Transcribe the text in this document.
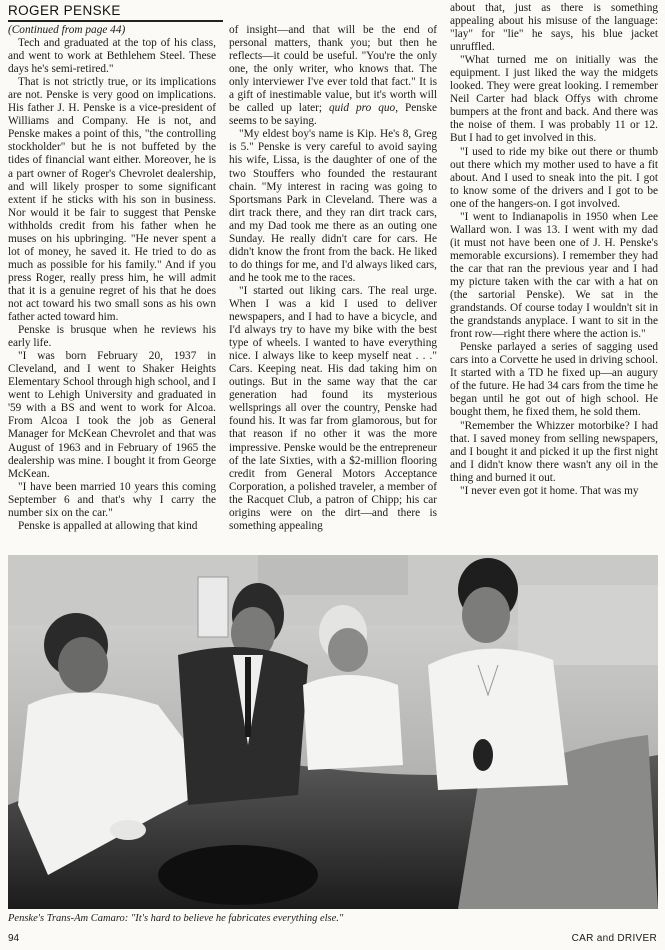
ROGER PENSKE

(Continued from page 44)

Tech and graduated at the top of his class, and went to work at Bethlehem Steel. These days he's semi-retired."

That is not strictly true, or its implications are not. Penske is very good on implications. His father J. H. Penske is a vice-president of Williams and Company. He is not, and Penske makes a point of this, "the controlling stockholder" but he is not buffeted by the tides of financial want either. Moreover, he is a part owner of Roger's Chevrolet dealership, and will likely prosper to some significant extent if he sticks with his son in business. Nor would it be fair to suggest that Penske withholds credit from his father when he muses on his upbringing. "He never spent a lot of money, he saved it. He tried to do as much as possible for his family." And if you press Roger, really press him, he will admit that it is a genuine regret of his that he does not act toward his two small sons as his own father acted toward him.

Penske is brusque when he reviews his early life.

"I was born February 20, 1937 in Cleveland, and I went to Shaker Heights Elementary School through high school, and I went to Lehigh University and graduated in '59 with a BS and went to work for Alcoa. From Alcoa I took the job as General Manager for McKean Chevrolet and that was August of 1963 and in February of 1965 the dealership was mine. I bought it from George McKean.

"I have been married 10 years this coming September 6 and that's why I carry the number six on the car."

Penske is appalled at allowing that kind

of insight—and that will be the end of personal matters, thank you; but then he reflects—it could be useful. "You're the only one, the only writer, who knows that. The only interviewer I've ever told that fact." It is a gift of inestimable value, but it's worth will be called up later; quid pro quo, Penske seems to be saying.

"My eldest boy's name is Kip. He's 8, Greg is 5." Penske is very careful to avoid saying his wife, Lissa, is the daughter of one of the two Stouffers who founded the restaurant chain. "My interest in racing was going to Sportsmans Park in Cleveland. There was a dirt track there, and they ran dirt track cars, and my Dad took me there as an outing one Sunday. He really didn't care for cars. He didn't know the front from the back. He liked to do things for me, and I'd always liked cars, and he took me to the races.

"I started out liking cars. The real urge. When I was a kid I used to deliver newspapers, and I had to have a bicycle, and I'd always try to have my bike with the best type of wheels. I wanted to have everything nice. I always like to keep myself neat . . ." Cars. Keeping neat. His dad taking him on outings. But in the same way that the car generation had found its mysterious wellsprings all over the country, Penske had found his. It was far from glamorous, but for that reason if no other it was the more impressive. Penske would be the entrepreneur of the late Sixties, with a $2-million flooring credit from General Motors Acceptance Corporation, a polished traveler, a member of the Racquet Club, a patron of Chipp; his car origins were on the dirt—and there is something appealing

about that, just as there is something appealing about his misuse of the language: "lay" for "lie" he says, his blue jacket unruffled.

"What turned me on initially was the equipment. I just liked the way the midgets looked. They were great looking. I remember Neil Carter had black Offys with chrome bumpers at the front and back. And there was the noise of them. I was probably 11 or 12. But I had to get involved in this.

"I used to ride my bike out there or thumb out there which my mother used to have a fit about. And I used to sneak into the pit. I got to know some of the drivers and I got to be one of the hangers-on. I got involved.

"I went to Indianapolis in 1950 when Lee Wallard won. I was 13. I went with my dad (it must not have been one of J. H. Penske's memorable excursions). I remember they had the car that ran the previous year and I had my picture taken with the car with a hat on (the sartorial Penske). We sat in the grandstands. Of course today I wouldn't sit in the grandstands anyplace. I want to sit in the front row—right there where the action is."

Penske parlayed a series of sagging used cars into a Corvette he used in driving school. It started with a TD he fixed up—an augury of the future. He had 34 cars from the time he began until he got out of high school. He bought them, he fixed them, he sold them.

"Remember the Whizzer motorbike? I had that. I saved money from selling newspapers, and I bought it and picked it up the first night and I didn't know there wasn't any oil in the thing and burned it out.

"I never even got it home. That was my

Penske's Trans-Am Camaro: "It's hard to believe he fabricates everything else."
94	CAR and DRIVER
